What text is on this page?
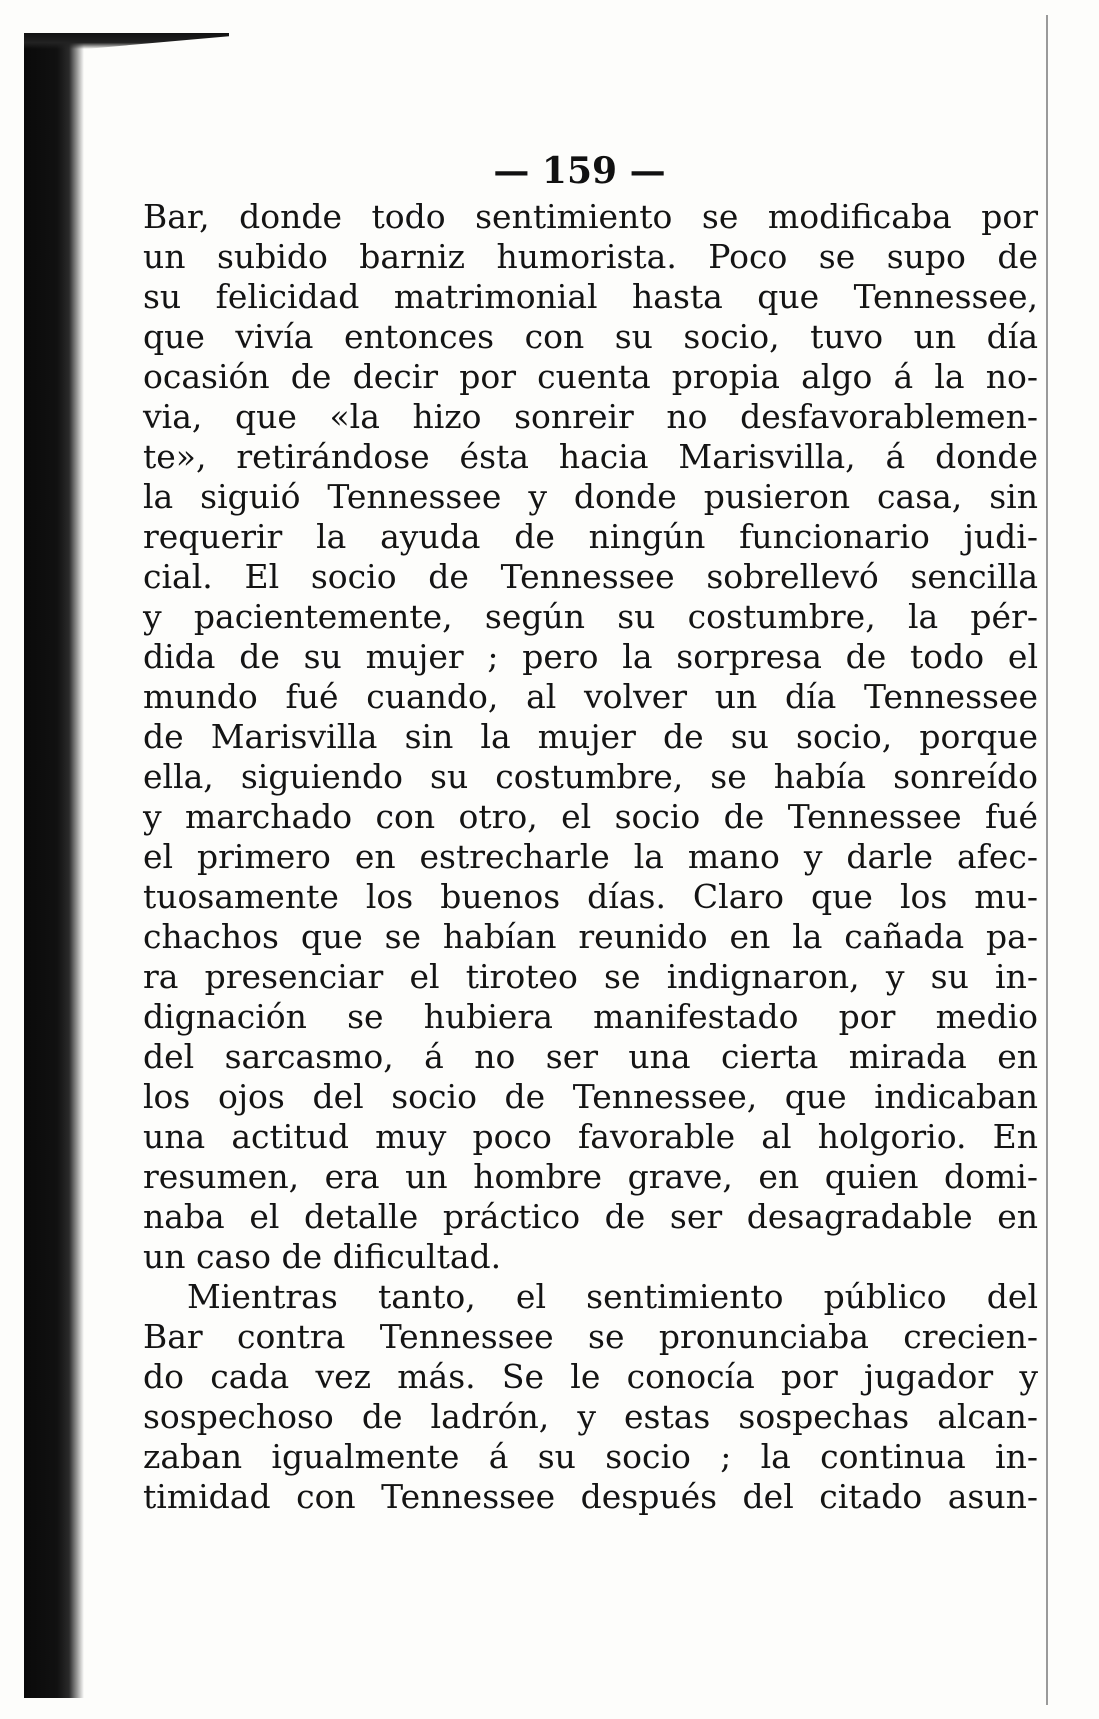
— 159 —
Bar, donde todo sentimiento se modificaba por
un subido barniz humorista. Poco se supo de
su felicidad matrimonial hasta que Tennessee,
que vivía entonces con su socio, tuvo un día
ocasión de decir por cuenta propia algo á la no-
via, que «la hizo sonreir no desfavorablemen-
te», retirándose ésta hacia Marisvilla, á donde
la siguió Tennessee y donde pusieron casa, sin
requerir la ayuda de ningún funcionario judi-
cial. El socio de Tennessee sobrellevó sencilla
y pacientemente, según su costumbre, la pér-
dida de su mujer ; pero la sorpresa de todo el
mundo fué cuando, al volver un día Tennessee
de Marisvilla sin la mujer de su socio, porque
ella, siguiendo su costumbre, se había sonreído
y marchado con otro, el socio de Tennessee fué
el primero en estrecharle la mano y darle afec-
tuosamente los buenos días. Claro que los mu-
chachos que se habían reunido en la cañada pa-
ra presenciar el tiroteo se indignaron, y su in-
dignación se hubiera manifestado por medio
del sarcasmo, á no ser una cierta mirada en
los ojos del socio de Tennessee, que indicaban
una actitud muy poco favorable al holgorio. En
resumen, era un hombre grave, en quien domi-
naba el detalle práctico de ser desagradable en
un caso de dificultad.
Mientras tanto, el sentimiento público del
Bar contra Tennessee se pronunciaba crecien-
do cada vez más. Se le conocía por jugador y
sospechoso de ladrón, y estas sospechas alcan-
zaban igualmente á su socio ; la continua in-
timidad con Tennessee después del citado asun-
